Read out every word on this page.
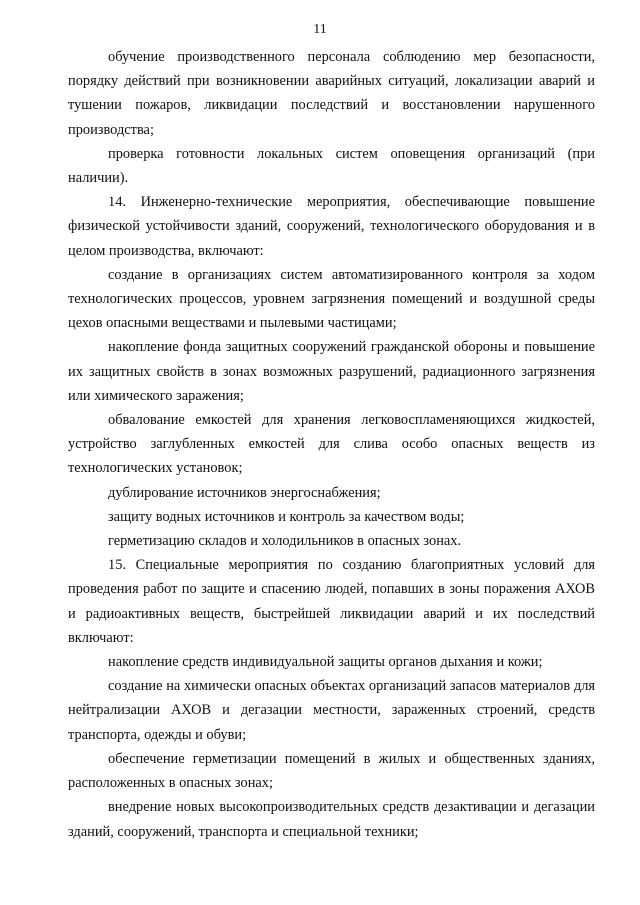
11

обучение производственного персонала соблюдению мер безопасности, порядку действий при возникновении аварийных ситуаций, локализации аварий и тушении пожаров, ликвидации последствий и восстановлении нарушенного производства;

проверка готовности локальных систем оповещения организаций (при наличии).

14. Инженерно-технические мероприятия, обеспечивающие повышение физической устойчивости зданий, сооружений, технологического оборудования и в целом производства, включают:

создание в организациях систем автоматизированного контроля за ходом технологических процессов, уровнем загрязнения помещений и воздушной среды цехов опасными веществами и пылевыми частицами;

накопление фонда защитных сооружений гражданской обороны и повышение их защитных свойств в зонах возможных разрушений, радиационного загрязнения или химического заражения;

обвалование емкостей для хранения легковоспламеняющихся жидкостей, устройство заглубленных емкостей для слива особо опасных веществ из технологических установок;

дублирование источников энергоснабжения;

защиту водных источников и контроль за качеством воды;

герметизацию складов и холодильников в опасных зонах.

15. Специальные мероприятия по созданию благоприятных условий для проведения работ по защите и спасению людей, попавших в зоны поражения АХОВ и радиоактивных веществ, быстрейшей ликвидации аварий и их последствий включают:

накопление средств индивидуальной защиты органов дыхания и кожи;

создание на химически опасных объектах организаций запасов материалов для нейтрализации АХОВ и дегазации местности, зараженных строений, средств транспорта, одежды и обуви;

обеспечение герметизации помещений в жилых и общественных зданиях, расположенных в опасных зонах;

внедрение новых высокопроизводительных средств дезактивации и дегазации зданий, сооружений, транспорта и специальной техники;
